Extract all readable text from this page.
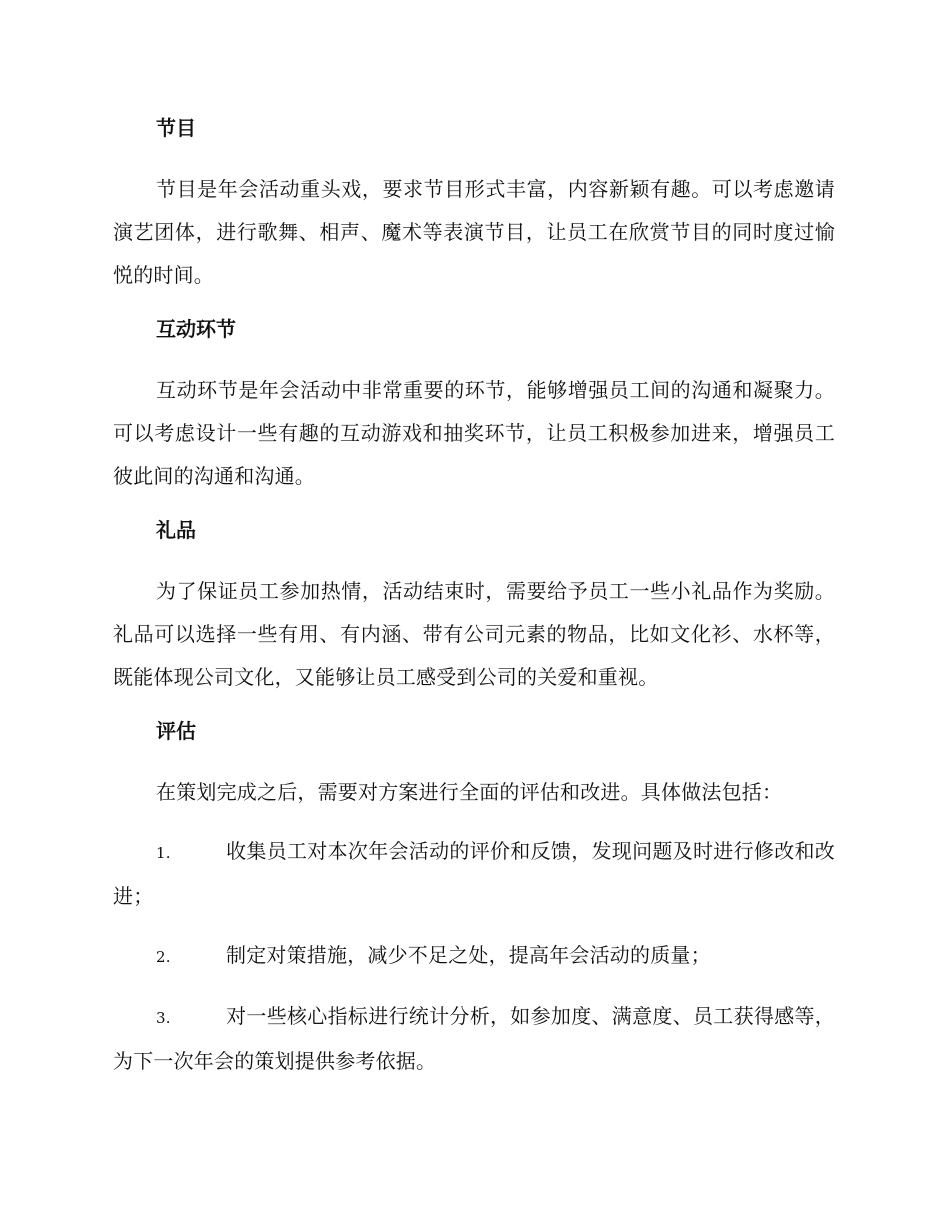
节目

节目是年会活动重头戏，要求节目形式丰富，内容新颖有趣。可以考虑邀请演艺团体，进行歌舞、相声、魔术等表演节目，让员工在欣赏节目的同时度过愉悦的时间。

互动环节

互动环节是年会活动中非常重要的环节，能够增强员工间的沟通和凝聚力。可以考虑设计一些有趣的互动游戏和抽奖环节，让员工积极参加进来，增强员工彼此间的沟通和沟通。

礼品

为了保证员工参加热情，活动结束时，需要给予员工一些小礼品作为奖励。礼品可以选择一些有用、有内涵、带有公司元素的物品，比如文化衫、水杯等，既能体现公司文化，又能够让员工感受到公司的关爱和重视。

评估

在策划完成之后，需要对方案进行全面的评估和改进。具体做法包括：

1.	收集员工对本次年会活动的评价和反馈，发现问题及时进行修改和改进；
2.	制定对策措施，减少不足之处，提高年会活动的质量；
3.	对一些核心指标进行统计分析，如参加度、满意度、员工获得感等，为下一次年会的策划提供参考依据。
